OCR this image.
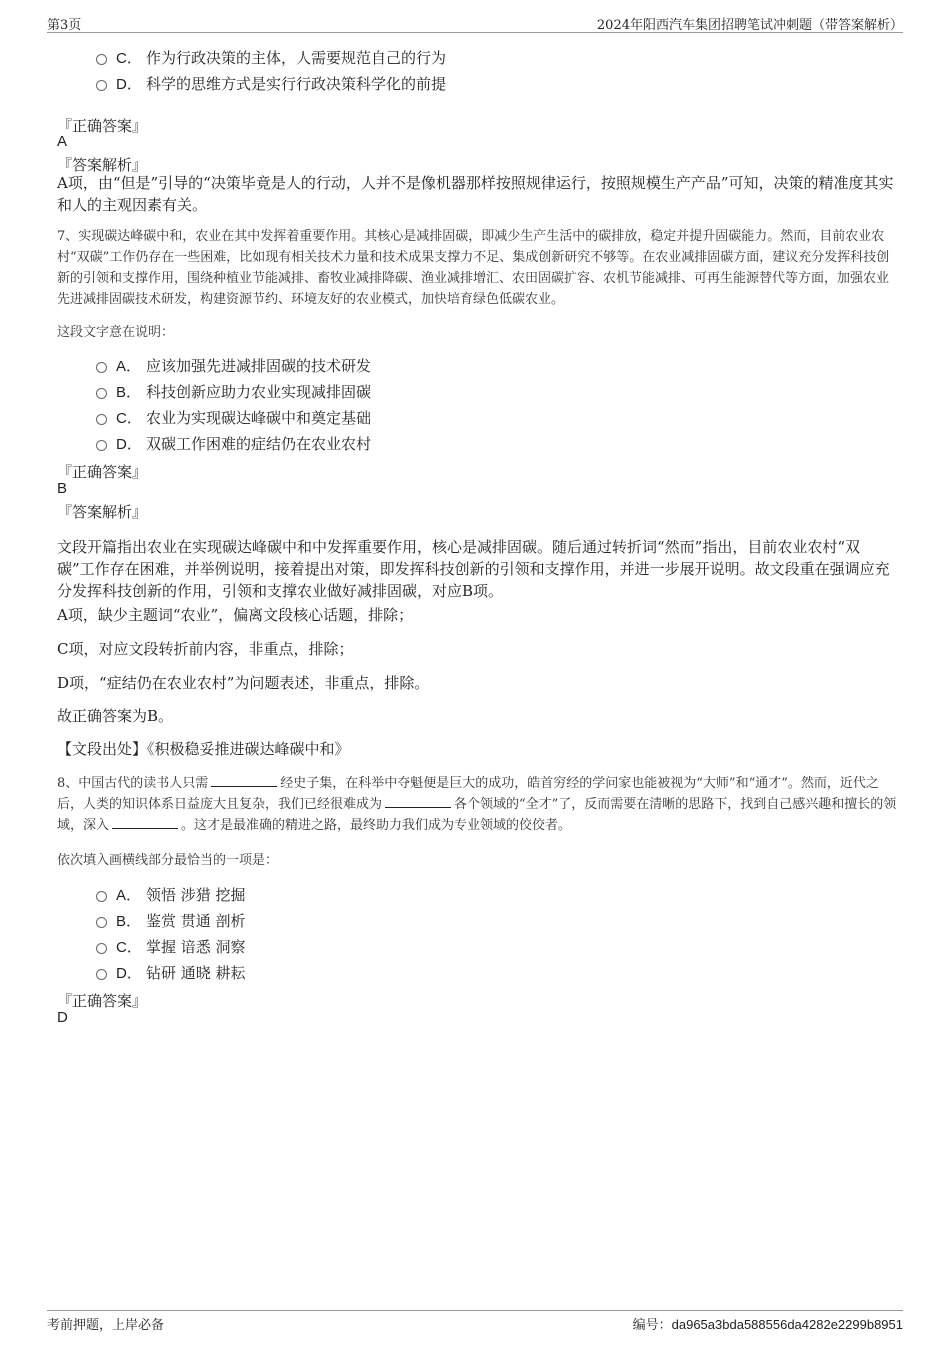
第3页	2024年阳西汽车集团招聘笔试冲刺题（带答案解析）
C． 作为行政决策的主体，人需要规范自己的行为
D． 科学的思维方式是实行行政决策科学化的前提
『正确答案』
A
『答案解析』
A项，由“但是”引导的“决策毕竟是人的行动，人并不是像机器那样按照规律运行，按照规模生产产品”可知，决策的精准度其实和人的主观因素有关。
7、实现碳达峰碳中和，农业在其中发挥着重要作用。其核心是减排固碳，即减少生产生活中的碳排放，稳定并提升固碳能力。然而，目前农业农村“双碳”工作仍存在一些困难，比如现有相关技术力量和技术成果支撑力不足、集成创新研究不够等。在农业减排固碳方面，建议充分发挥科技创新的引领和支撑作用，围绕种植业节能减排、畜牧业减排降碳、渔业减排增汇、农田固碳扩容、农机节能减排、可再生能源替代等方面，加强农业先进减排固碳技术研发，构建资源节约、环境友好的农业模式，加快培育绿色低碳农业。
这段文字意在说明：
A． 应该加强先进减排固碳的技术研发
B． 科技创新应助力农业实现减排固碳
C． 农业为实现碳达峰碳中和奠定基础
D． 双碳工作困难的症结仍在农业农村
『正确答案』
B
『答案解析』
文段开篇指出农业在实现碳达峰碳中和中发挥重要作用，核心是减排固碳。随后通过转折词“然而”指出，目前农业农村“双碳”工作存在困难，并举例说明，接着提出对策，即发挥科技创新的引领和支撑作用，并进一步展开说明。故文段重在强调应充分发挥科技创新的作用，引领和支撑农业做好减排固碳，对应B项。
A项，缺少主题词“农业”，偏离文段核心话题，排除；
C项，对应文段转折前内容，非重点，排除；
D项，“症结仍在农业农村”为问题表述，非重点，排除。
故正确答案为B。
【文段出处】《积极稳妥推进碳达峰碳中和》
8、中国古代的读书人只需	经史子集，在科举中夺魁便是巨大的成功，皓首穷经的学问家也能被视为“大师”和“通才”。然而，近代之后，人类的知识体系日益庞大且复杂，我们已经很难成为	各个领域的“全才”了，反而需要在清晰的思路下，找到自己感兴趣和擅长的领域，深入	。这才是最准确的精进之路，最终助力我们成为专业领域的佼佼者。
依次填入画横线部分最恰当的一项是：
A． 领悟 涉猎 挖掘
B． 鉴赏 贯通 剖析
C． 掌握 谙悉 洞察
D． 钻研 通晓 耕耘
『正确答案』
D
考前押题，上岸必备	编号：da965a3bda588556da4282e2299b8951
